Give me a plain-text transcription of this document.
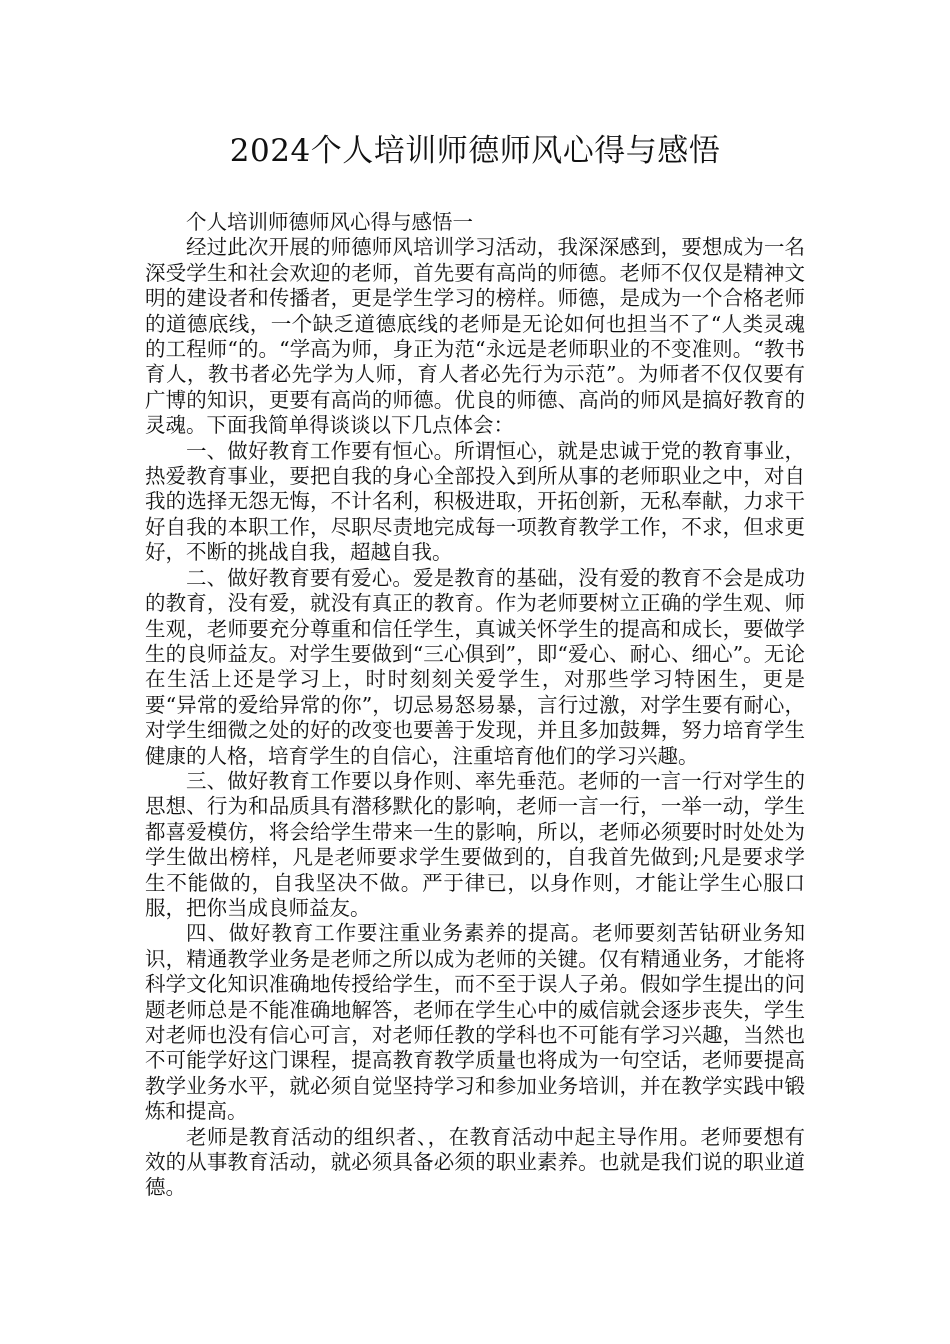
2024个人培训师德师风心得与感悟

个人培训师德师风心得与感悟一

经过此次开展的师德师风培训学习活动，我深深感到，要想成为一名深受学生和社会欢迎的老师，首先要有高尚的师德。老师不仅仅是精神文明的建设者和传播者，更是学生学习的榜样。师德，是成为一个合格老师的道德底线，一个缺乏道德底线的老师是无论如何也担当不了“人类灵魂的工程师“的。“学高为师，身正为范“永远是老师职业的不变准则。“教书育人，教书者必先学为人师，育人者必先行为示范”。为师者不仅仅要有广博的知识，更要有高尚的师德。优良的师德、高尚的师风是搞好教育的灵魂。下面我简单得谈谈以下几点体会：

一、做好教育工作要有恒心。所谓恒心，就是忠诚于党的教育事业，热爱教育事业，要把自我的身心全部投入到所从事的老师职业之中，对自我的选择无怨无悔，不计名利，积极进取，开拓创新，无私奉献，力求干好自我的本职工作，尽职尽责地完成每一项教育教学工作，不求，但求更好，不断的挑战自我，超越自我。

二、做好教育要有爱心。爱是教育的基础，没有爱的教育不会是成功的教育，没有爱，就没有真正的教育。作为老师要树立正确的学生观、师生观，老师要充分尊重和信任学生，真诚关怀学生的提高和成长，要做学生的良师益友。对学生要做到“三心俱到”，即“爱心、耐心、细心”。无论在生活上还是学习上，时时刻刻关爱学生，对那些学习特困生，更是要“异常的爱给异常的你”，切忌易怒易暴，言行过激，对学生要有耐心，对学生细微之处的好的改变也要善于发现，并且多加鼓舞，努力培育学生健康的人格，培育学生的自信心，注重培育他们的学习兴趣。

三、做好教育工作要以身作则、率先垂范。老师的一言一行对学生的思想、行为和品质具有潜移默化的影响，老师一言一行，一举一动，学生都喜爱模仿，将会给学生带来一生的影响，所以，老师必须要时时处处为学生做出榜样，凡是老师要求学生要做到的，自我首先做到;凡是要求学生不能做的，自我坚决不做。严于律已，以身作则，才能让学生心服口服，把你当成良师益友。

四、做好教育工作要注重业务素养的提高。老师要刻苦钻研业务知识，精通教学业务是老师之所以成为老师的关键。仅有精通业务，才能将科学文化知识准确地传授给学生，而不至于误人子弟。假如学生提出的问题老师总是不能准确地解答，老师在学生心中的威信就会逐步丧失，学生对老师也没有信心可言，对老师任教的学科也不可能有学习兴趣，当然也不可能学好这门课程，提高教育教学质量也将成为一句空话，老师要提高教学业务水平，就必须自觉坚持学习和参加业务培训，并在教学实践中锻炼和提高。

老师是教育活动的组织者、，在教育活动中起主导作用。老师要想有效的从事教育活动，就必须具备必须的职业素养。也就是我们说的职业道德。
